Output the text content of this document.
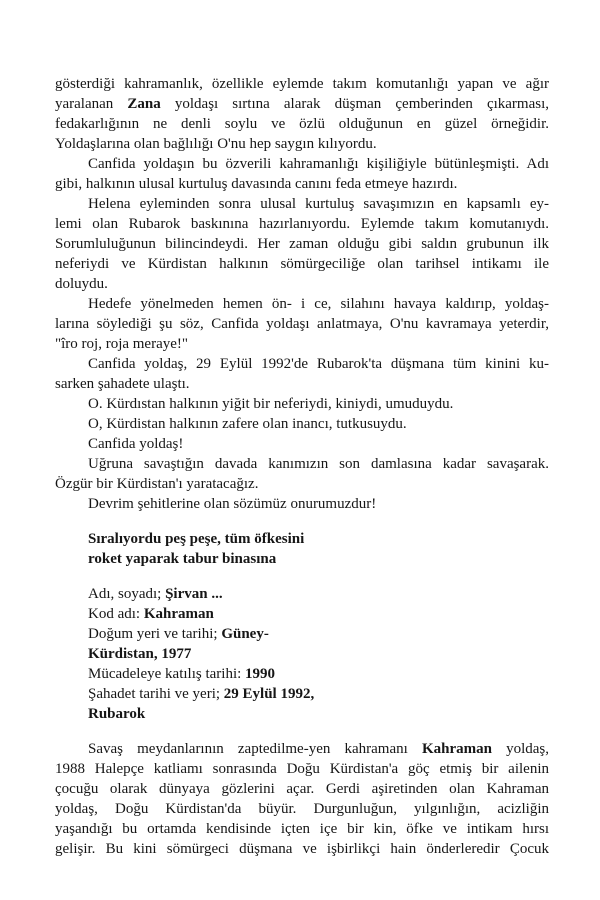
gösterdiği kahramanlık, özellikle eylemde takım komutanlığı yapan ve ağır
yaralanan Zana yoldaşı sırtına alarak düşman çemberinden çıkarması,
fedakarlığının ne denli soylu ve özlü olduğunun en güzel örneğidir.
Yoldaşlarına olan bağlılığı O'nu hep saygın kılıyordu.
Canfida yoldaşın bu özverili kahramanlığı kişiliğiyle bütünleşmişti. Adı
gibi, halkının ulusal kurtuluş davasında canını feda etmeye hazırdı.
Helena eyleminden sonra ulusal kurtuluş savaşımızın en kapsamlı ey-
lemi olan Rubarok baskınına hazırlanıyordu. Eylemde takım komutanıydı.
Sorumluluğunun bilincindeydi. Her zaman olduğu gibi saldın grubunun ilk
neferiydi ve Kürdistan halkının sömürgeciliğe olan tarihsel intikamı ile
doluydu.
Hedefe yönelmeden hemen ön- i ce, silahını havaya kaldırıp, yoldaş-
larına söylediği şu söz, Canfida yoldaşı anlatmaya, O'nu kavramaya yeterdir,
"îro roj, roja meraye!"
Canfida yoldaş, 29 Eylül 1992'de Rubarok'ta düşmana tüm kinini ku-
sarken şahadete ulaştı.
O. Kürdıstan halkının yiğit bir neferiydi, kiniydi, umuduydu.
O, Kürdistan halkının zafere olan inancı, tutkusuydu.
Canfida yoldaş!
Uğruna savaştığın davada kanımızın son damlasına kadar savaşarak.
Özgür bir Kürdistan'ı yaratacağız.
Devrim şehitlerine olan sözümüz onurumuzdur!
Sıralıyordu peş peşe, tüm öfkesini
roket yaparak tabur binasına
Adı, soyadı; Şirvan ...
Kod adı: Kahraman
Doğum yeri ve tarihi; Güney-
Kürdistan, 1977
Mücadeleye katılış tarihi: 1990
Şahadet tarihi ve yeri; 29 Eylül 1992,
Rubarok
Savaş meydanlarının zaptedilme-yen kahramanı Kahraman yoldaş,
1988 Halepçe katliamı sonrasında Doğu Kürdistan'a göç etmiş bir ailenin
çocuğu olarak dünyaya gözlerini açar. Gerdi aşiretinden olan Kahraman
yoldaş, Doğu Kürdistan'da büyür. Durgunluğun, yılgınlığın, acizliğin
yaşandığı bu ortamda kendisinde içten içe bir kin, öfke ve intikam hırsı
gelişir. Bu kini sömürgeci düşmana ve işbirlikçi hain önderleredir Çocuk
